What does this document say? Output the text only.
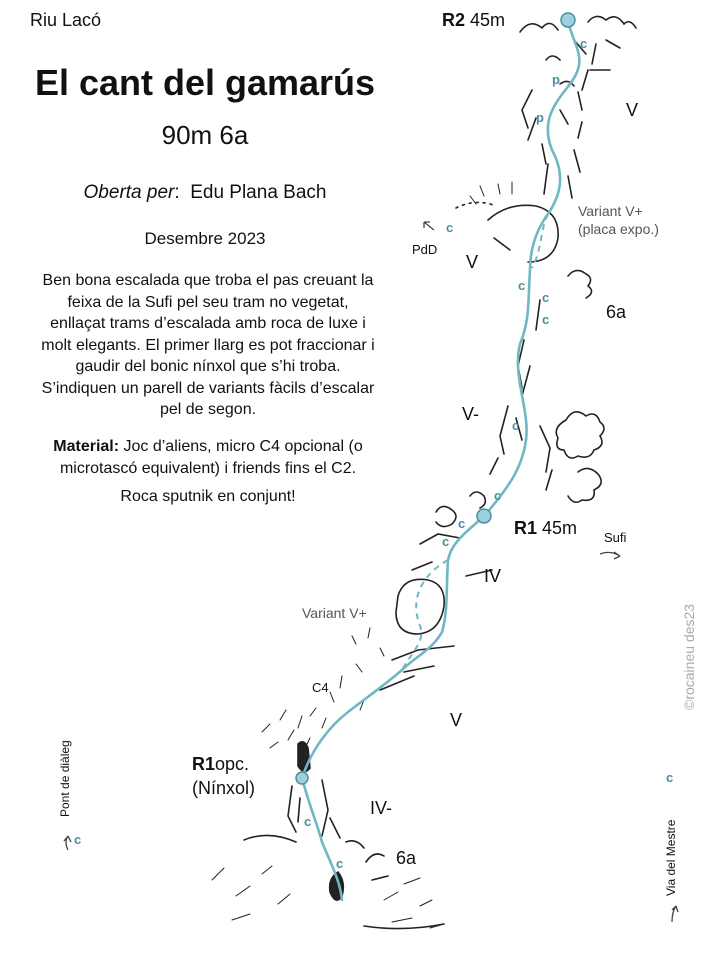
Riu Lacó
El cant del gamarús
90m 6a
Oberta per:  Edu Plana Bach
Desembre 2023
Ben bona escalada que troba el pas creuant la feixa de la Sufi pel seu tram no vegetat, enllaçat trams d’escalada amb roca de luxe i molt elegants. El primer llarg es pot fraccionar i gaudir del bonic nínxol que s’hi troba. S’indiquen un parell de variants fàcils d’escalar pel de segon.
Material: Joc d’aliens, micro C4 opcional (o microtascó equivalent) i friends fins el C2.
Roca sputnik en conjunt!
R2 45m
R1 45m
R1opc.
(Nínxol)
V
V
6a
V-
IV
V
IV-
6a
Variant V+
(placa expo.)
Variant V+
PdD
Sufi
C4
c
p
p
c
c
c
c
c
c
c
c
c
c
c
c
©rocaineu des23
Pont de diàleg
Via del Mestre
